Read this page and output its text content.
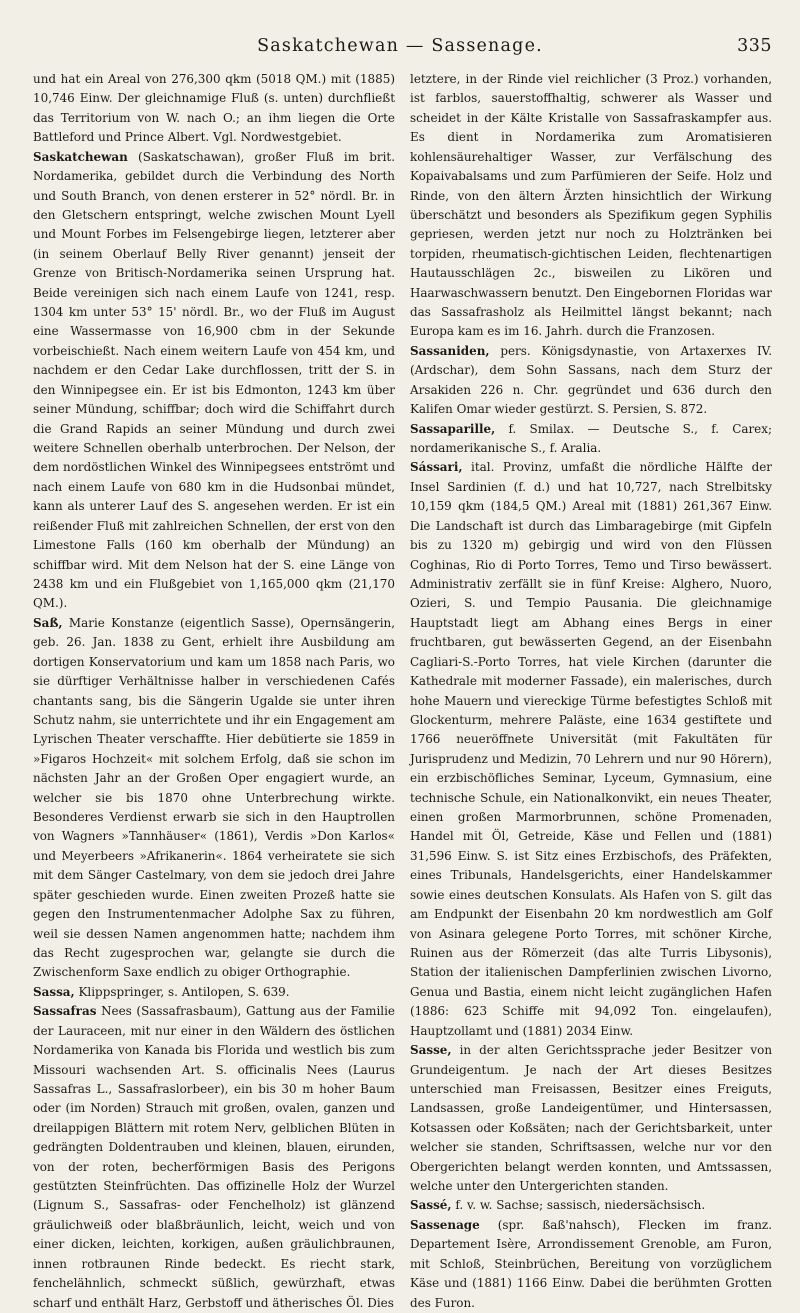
Saskatchewan — Sassenage.	335

und hat ein Areal von 276,300 qkm (5018 QM.) mit (1885) 10,746 Einw. Der gleichnamige Fluß (s. unten) durchfließt das Territorium von W. nach O.; an ihm liegen die Orte Battleford und Prince Albert. Vgl. Nordwestgebiet.

Saskatchewan (Saskatschawan), großer Fluß im brit. Nordamerika, gebildet durch die Verbindung des North und South Branch, von denen ersterer in 52° nördl. Br. in den Gletschern entspringt, welche zwischen Mount Lyell und Mount Forbes im Felsengebirge liegen, letzterer aber (in seinem Oberlauf Belly River genannt) jenseit der Grenze von Britisch-Nordamerika seinen Ursprung hat. Beide vereinigen sich nach einem Laufe von 1241, resp. 1304 km unter 53° 15' nördl. Br., wo der Fluß im August eine Wassermasse von 16,900 cbm in der Sekunde vorbeischießt. Nach einem weitern Laufe von 454 km, und nachdem er den Cedar Lake durchflossen, tritt der S. in den Winnipegsee ein. Er ist bis Edmonton, 1243 km über seiner Mündung, schiffbar; doch wird die Schiffahrt durch die Grand Rapids an seiner Mündung und durch zwei weitere Schnellen oberhalb unterbrochen. Der Nelson, der dem nordöstlichen Winkel des Winnipegsees entströmt und nach einem Laufe von 680 km in die Hudsonbai mündet, kann als unterer Lauf des S. angesehen werden. Er ist ein reißender Fluß mit zahlreichen Schnellen, der erst von den Limestone Falls (160 km oberhalb der Mündung) an schiffbar wird. Mit dem Nelson hat der S. eine Länge von 2438 km und ein Flußgebiet von 1,165,000 qkm (21,170 QM.).

Saß, Marie Konstanze (eigentlich Sasse), Opernsängerin, geb. 26. Jan. 1838 zu Gent, erhielt ihre Ausbildung am dortigen Konservatorium und kam um 1858 nach Paris, wo sie dürftiger Verhältnisse halber in verschiedenen Cafés chantants sang, bis die Sängerin Ugalde sie unter ihren Schutz nahm, sie unterrichtete und ihr ein Engagement am Lyrischen Theater verschaffte. Hier debütierte sie 1859 in »Figaros Hochzeit« mit solchem Erfolg, daß sie schon im nächsten Jahr an der Großen Oper engagiert wurde, an welcher sie bis 1870 ohne Unterbrechung wirkte. Besonderes Verdienst erwarb sie sich in den Hauptrollen von Wagners »Tannhäuser« (1861), Verdis »Don Karlos« und Meyerbeers »Afrikanerin«. 1864 verheiratete sie sich mit dem Sänger Castelmary, von dem sie jedoch drei Jahre später geschieden wurde. Einen zweiten Prozeß hatte sie gegen den Instrumentenmacher Adolphe Sax zu führen, weil sie dessen Namen angenommen hatte; nachdem ihm das Recht zugesprochen war, gelangte sie durch die Zwischenform Saxe endlich zu obiger Orthographie.

Sassa, Klippspringer, s. Antilopen, S. 639.

Sassafras Nees (Sassafrasbaum), Gattung aus der Familie der Lauraceen, mit nur einer in den Wäldern des östlichen Nordamerika von Kanada bis Florida und westlich bis zum Missouri wachsenden Art. S. officinalis Nees (Laurus Sassafras L., Sassafraslorbeer), ein bis 30 m hoher Baum oder (im Norden) Strauch mit großen, ovalen, ganzen und dreilappigen Blättern mit rotem Nerv, gelblichen Blüten in gedrängten Doldentrauben und kleinen, blauen, eirunden, von der roten, becherförmigen Basis des Perigons gestützten Steinfrüchten. Das offizinelle Holz der Wurzel (Lignum S., Sassafras- oder Fenchelholz) ist glänzend gräulichweiß oder blaßbräunlich, leicht, weich und von einer dicken, leichten, korkigen, außen gräulichbraunen, innen rotbraunen Rinde bedeckt. Es riecht stark, fenchelähnlich, schmeckt süßlich, gewürzhaft, etwas scharf und enthält Harz, Gerbstoff und ätherisches Öl. Dies

letztere, in der Rinde viel reichlicher (3 Proz.) vorhanden, ist farblos, sauerstoffhaltig, schwerer als Wasser und scheidet in der Kälte Kristalle von Sassafraskampfer aus. Es dient in Nordamerika zum Aromatisieren kohlensäurehaltiger Wasser, zur Verfälschung des Kopaivabalsams und zum Parfümieren der Seife. Holz und Rinde, von den ältern Ärzten hinsichtlich der Wirkung überschätzt und besonders als Spezifikum gegen Syphilis gepriesen, werden jetzt nur noch zu Holztränken bei torpiden, rheumatisch-gichtischen Leiden, flechtenartigen Hautausschlägen 2c., bisweilen zu Likören und Haarwaschwassern benutzt. Den Eingebornen Floridas war das Sassafrasholz als Heilmittel längst bekannt; nach Europa kam es im 16. Jahrh. durch die Franzosen.

Sassaniden, pers. Königsdynastie, von Artaxerxes IV. (Ardschar), dem Sohn Sassans, nach dem Sturz der Arsakiden 226 n. Chr. gegründet und 636 durch den Kalifen Omar wieder gestürzt. S. Persien, S. 872.

Sassaparille, f. Smilax. — Deutsche S., f. Carex; nordamerikanische S., f. Aralia.

Sássari, ital. Provinz, umfaßt die nördliche Hälfte der Insel Sardinien (f. d.) und hat 10,727, nach Strelbitsky 10,159 qkm (184,5 QM.) Areal mit (1881) 261,367 Einw. Die Landschaft ist durch das Limbaragebirge (mit Gipfeln bis zu 1320 m) gebirgig und wird von den Flüssen Coghinas, Rio di Porto Torres, Temo und Tirso bewässert. Administrativ zerfällt sie in fünf Kreise: Alghero, Nuoro, Ozieri, S. und Tempio Pausania. Die gleichnamige Hauptstadt liegt am Abhang eines Bergs in einer fruchtbaren, gut bewässerten Gegend, an der Eisenbahn Cagliari-S.-Porto Torres, hat viele Kirchen (darunter die Kathedrale mit moderner Fassade), ein malerisches, durch hohe Mauern und viereckige Türme befestigtes Schloß mit Glockenturm, mehrere Paläste, eine 1634 gestiftete und 1766 neueröffnete Universität (mit Fakultäten für Jurisprudenz und Medizin, 70 Lehrern und nur 90 Hörern), ein erzbischöfliches Seminar, Lyceum, Gymnasium, eine technische Schule, ein Nationalkonvikt, ein neues Theater, einen großen Marmorbrunnen, schöne Promenaden, Handel mit Öl, Getreide, Käse und Fellen und (1881) 31,596 Einw. S. ist Sitz eines Erzbischofs, des Präfekten, eines Tribunals, Handelsgerichts, einer Handelskammer sowie eines deutschen Konsulats. Als Hafen von S. gilt das am Endpunkt der Eisenbahn 20 km nordwestlich am Golf von Asinara gelegene Porto Torres, mit schöner Kirche, Ruinen aus der Römerzeit (das alte Turris Libysonis), Station der italienischen Dampferlinien zwischen Livorno, Genua und Bastia, einem nicht leicht zugänglichen Hafen (1886: 623 Schiffe mit 94,092 Ton. eingelaufen), Hauptzollamt und (1881) 2034 Einw.

Sasse, in der alten Gerichtssprache jeder Besitzer von Grundeigentum. Je nach der Art dieses Besitzes unterschied man Freisassen, Besitzer eines Freiguts, Landsassen, große Landeigentümer, und Hintersassen, Kotsassen oder Koßsäten; nach der Gerichtsbarkeit, unter welcher sie standen, Schriftsassen, welche nur vor den Obergerichten belangt werden konnten, und Amtssassen, welche unter den Untergerichten standen.

Sassé, f. v. w. Sachse; sassisch, niedersächsisch.

Sassenage (spr. ßaß'nahsch), Flecken im franz. Departement Isère, Arrondissement Grenoble, am Furon, mit Schloß, Steinbrüchen, Bereitung von vorzüglichem Käse und (1881) 1166 Einw. Dabei die berühmten Grotten des Furon.
